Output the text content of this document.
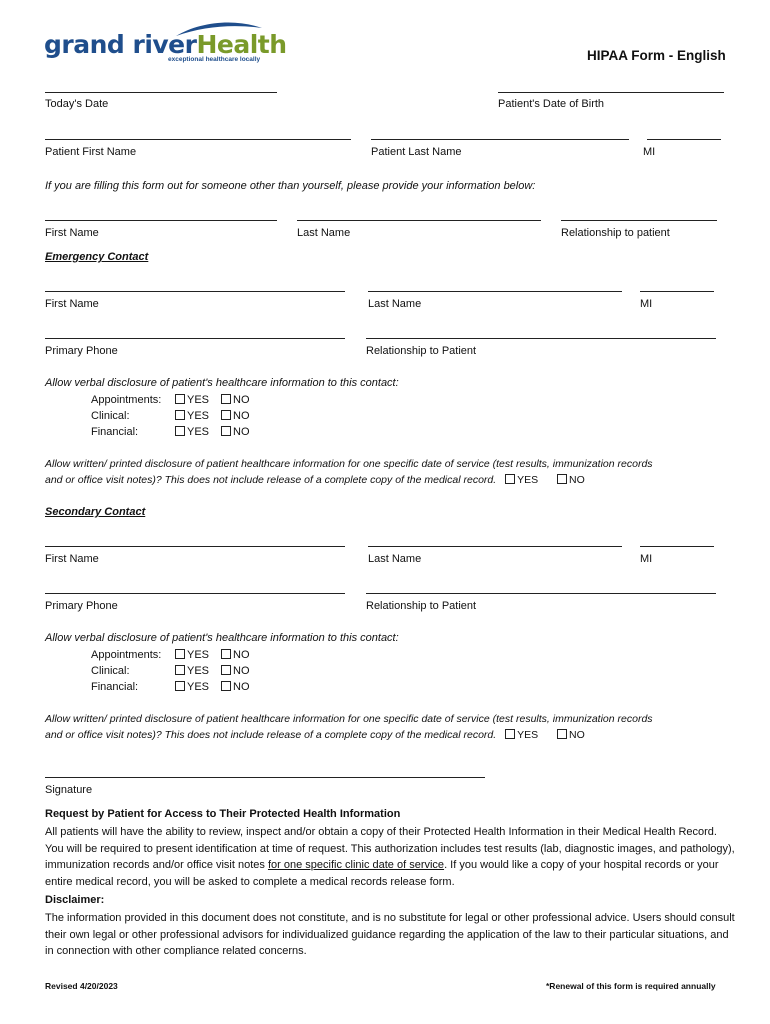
grand riverHealth
exceptional healthcare locally	HIPAA Form - English
Today's Date	Patient's Date of Birth
Patient First Name	Patient Last Name	MI
If you are filling this form out for someone other than yourself, please provide your information below:
First Name	Last Name	Relationship to patient
Emergency Contact
First Name	Last Name	MI
Primary Phone	Relationship to Patient
Allow verbal disclosure of patient's healthcare information to this contact:
Appointments:	YES	NO
Clinical:	YES	NO
Financial:	YES	NO
Allow written/ printed disclosure of patient healthcare information for one specific date of service (test results, immunization records
and or office visit notes)? This does not include release of a complete copy of the medical record. YES	NO
Secondary Contact
First Name	Last Name	MI
Primary Phone	Relationship to Patient
Allow verbal disclosure of patient's healthcare information to this contact:
Appointments:	YES	NO
Clinical:	YES	NO
Financial:	YES	NO
Allow written/ printed disclosure of patient healthcare information for one specific date of service (test results, immunization records
and or office visit notes)? This does not include release of a complete copy of the medical record. YES	NO
Signature
Request by Patient for Access to Their Protected Health Information
All patients will have the ability to review, inspect and/or obtain a copy of their Protected Health Information in their Medical Health Record. You will be required to present identification at time of request. This authorization includes test results (lab, diagnostic images, and pathology), immunization records and/or office visit notes for one specific clinic date of service. If you would like a copy of your hospital records or your entire medical record, you will be asked to complete a medical records release form.
Disclaimer:
The information provided in this document does not constitute, and is no substitute for legal or other professional advice. Users should consult their own legal or other professional advisors for individualized guidance regarding the application of the law to their particular situations, and in connection with other compliance related concerns.
Revised 4/20/2023	*Renewal of this form is required annually
